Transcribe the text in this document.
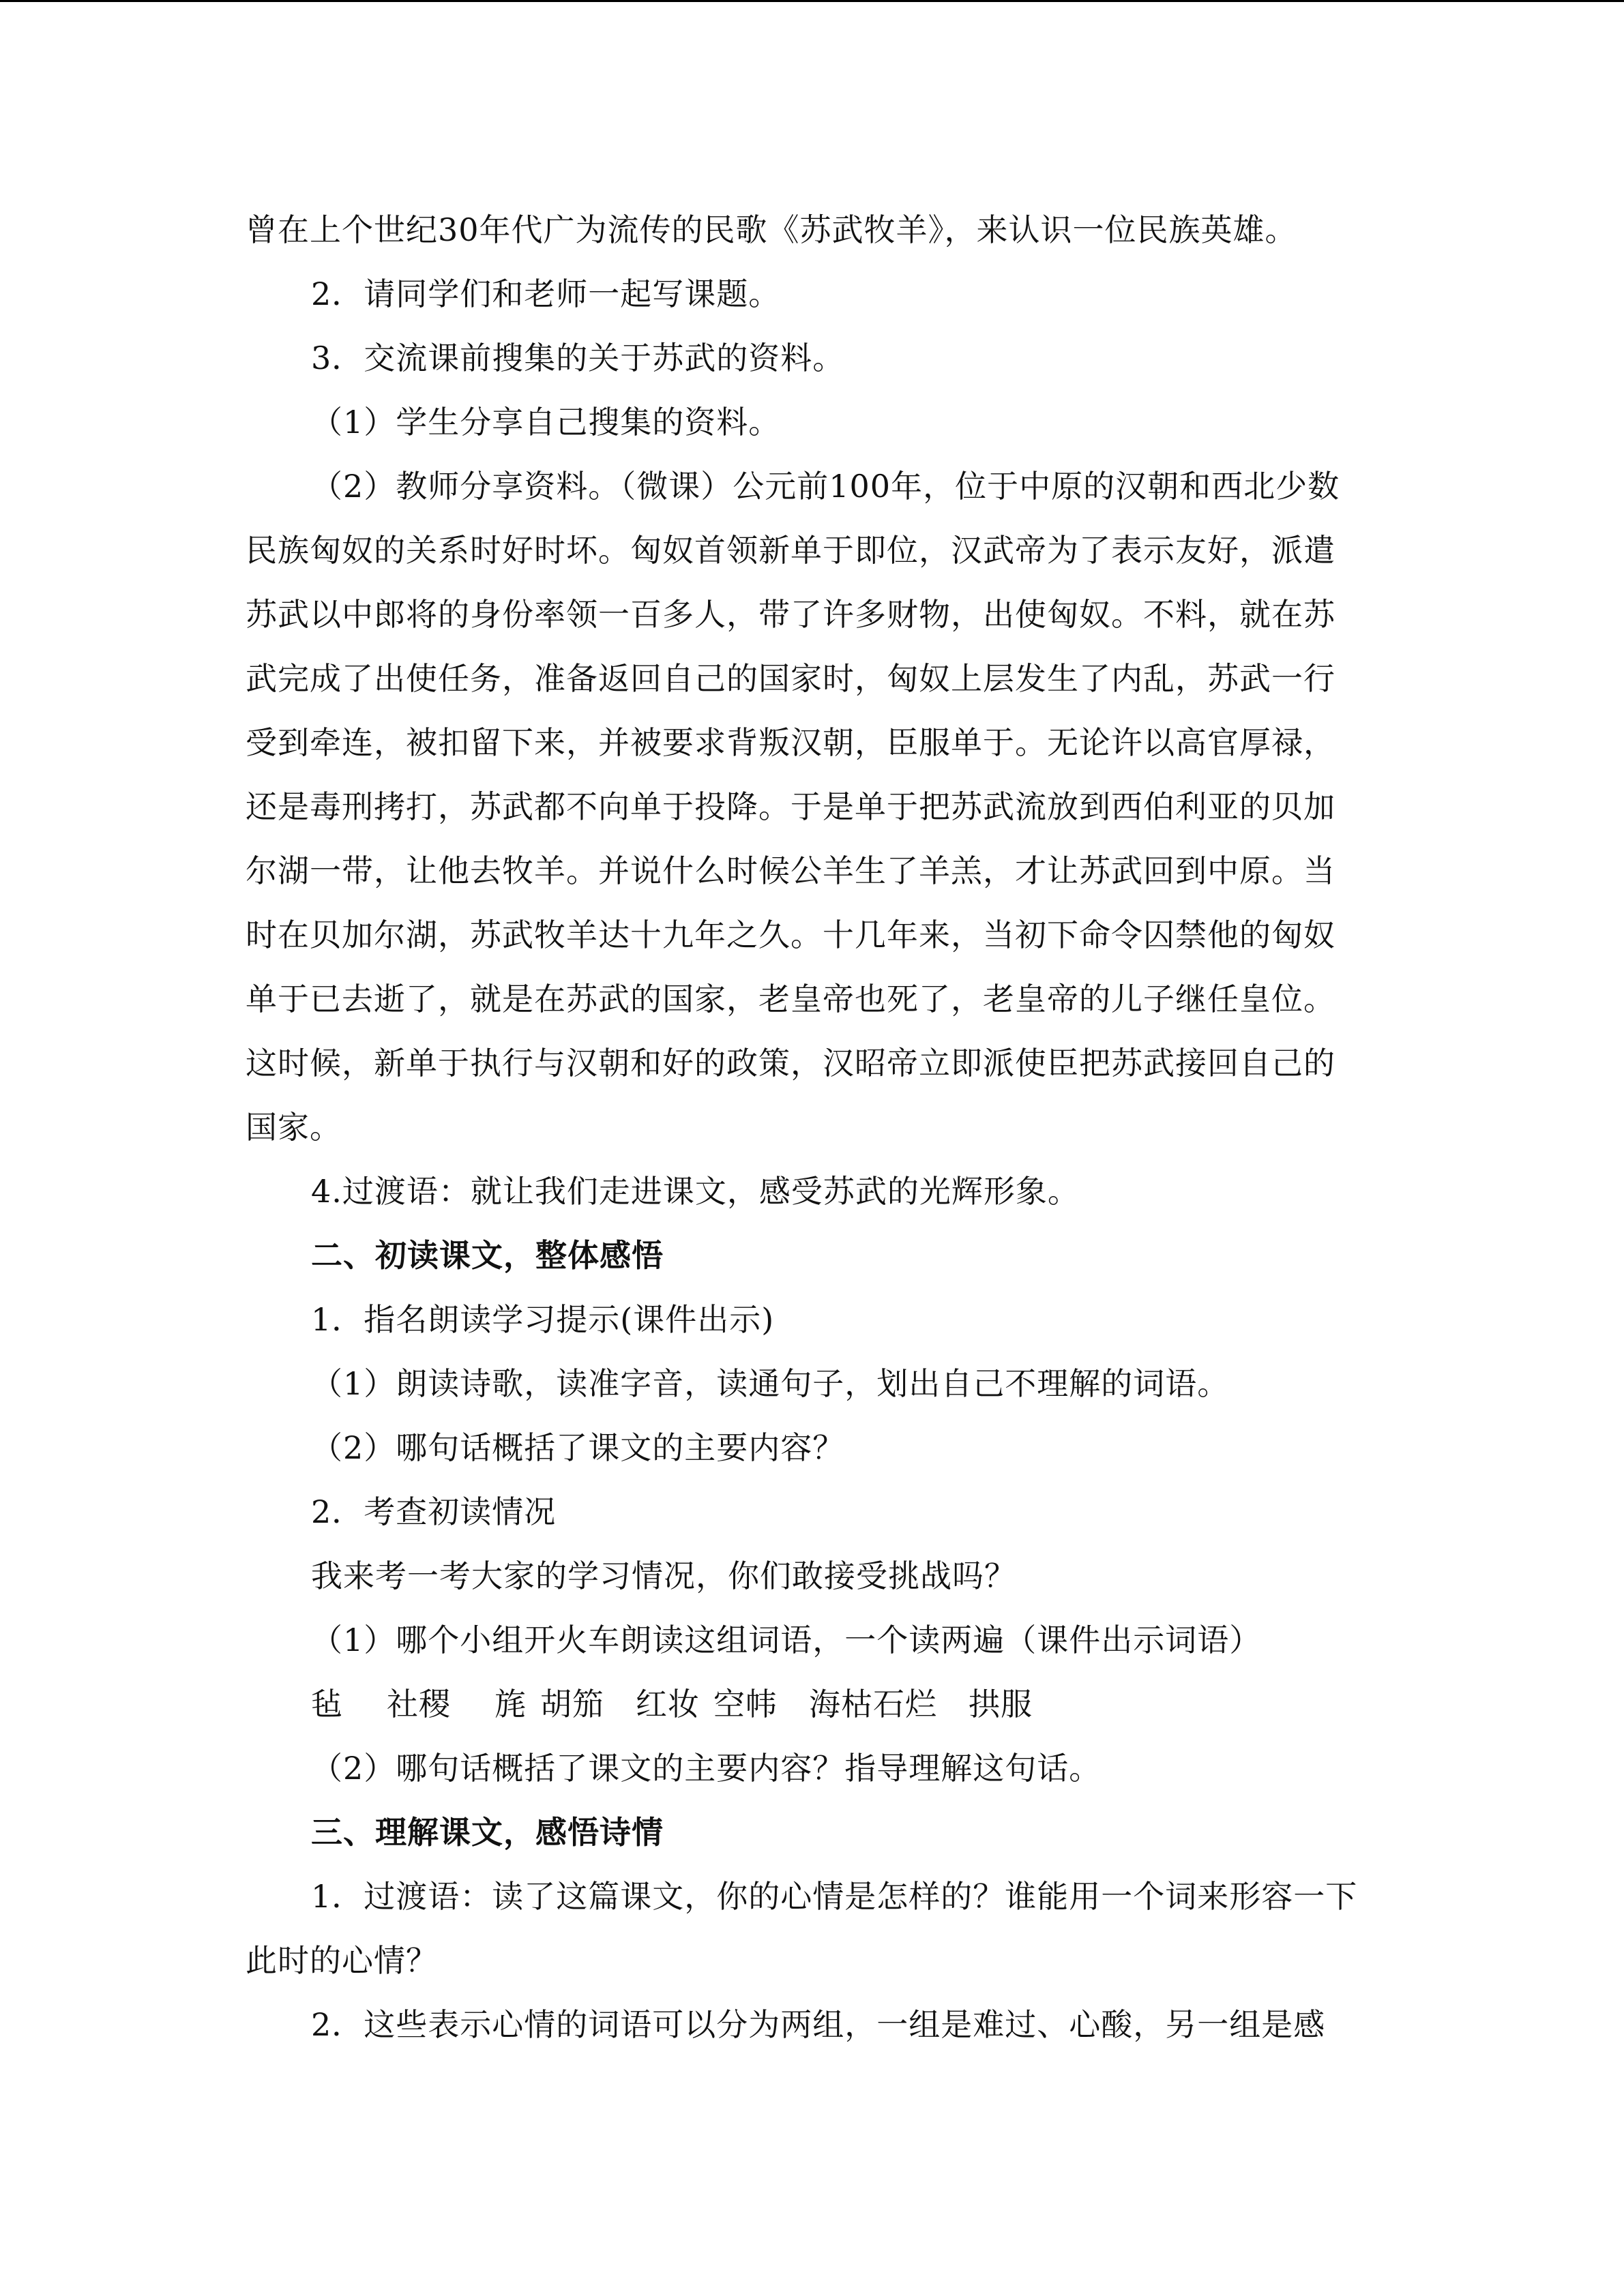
曾在上个世纪30年代广为流传的民歌《苏武牧羊》，来认识一位民族英雄。
2．请同学们和老师一起写课题。
3．交流课前搜集的关于苏武的资料。
（1）学生分享自己搜集的资料。
（2）教师分享资料。（微课）公元前100年，位于中原的汉朝和西北少数
民族匈奴的关系时好时坏。匈奴首领新单于即位，汉武帝为了表示友好，派遣
苏武以中郎将的身份率领一百多人，带了许多财物，出使匈奴。不料，就在苏
武完成了出使任务，准备返回自己的国家时，匈奴上层发生了内乱，苏武一行
受到牵连，被扣留下来，并被要求背叛汉朝，臣服单于。无论许以高官厚禄，
还是毒刑拷打，苏武都不向单于投降。于是单于把苏武流放到西伯利亚的贝加
尔湖一带，让他去牧羊。并说什么时候公羊生了羊羔，才让苏武回到中原。当
时在贝加尔湖，苏武牧羊达十九年之久。十几年来，当初下命令囚禁他的匈奴
单于已去逝了，就是在苏武的国家，老皇帝也死了，老皇帝的儿子继任皇位。
这时候，新单于执行与汉朝和好的政策，汉昭帝立即派使臣把苏武接回自己的
国家。
4.过渡语：就让我们走进课文，感受苏武的光辉形象。
二、初读课文，整体感悟
1．指名朗读学习提示(课件出示)
（1）朗读诗歌，读准字音，读通句子，划出自己不理解的词语。
（2）哪句话概括了课文的主要内容？
2．考查初读情况
我来考一考大家的学习情况，你们敢接受挑战吗？
（1）哪个小组开火车朗读这组词语，一个读两遍（课件出示词语）
毡 社稷 旄 胡笳 红妆 空帏 海枯石烂 拱服
（2）哪句话概括了课文的主要内容？指导理解这句话。
三、理解课文，感悟诗情
1．过渡语：读了这篇课文，你的心情是怎样的？谁能用一个词来形容一下
此时的心情？
2．这些表示心情的词语可以分为两组，一组是难过、心酸，另一组是感
